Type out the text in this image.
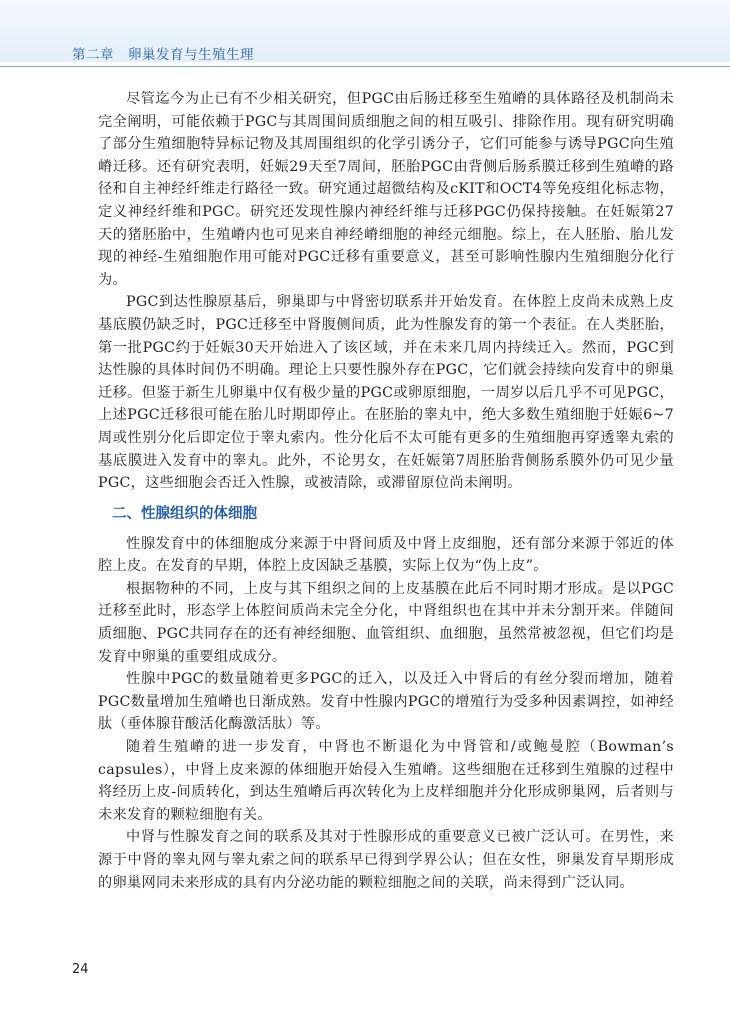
第二章　卵巢发育与生殖生理

尽管迄今为止已有不少相关研究，但PGC由后肠迁移至生殖嵴的具体路径及机制尚未完全阐明，可能依赖于PGC与其周围间质细胞之间的相互吸引、排除作用。现有研究明确了部分生殖细胞特异标记物及其周围组织的化学引诱分子，它们可能参与诱导PGC向生殖嵴迁移。还有研究表明，妊娠29天至7周间，胚胎PGC由背侧后肠系膜迁移到生殖嵴的路径和自主神经纤维走行路径一致。研究通过超微结构及cKIT和OCT4等免疫组化标志物，定义神经纤维和PGC。研究还发现性腺内神经纤维与迁移PGC仍保持接触。在妊娠第27天的猪胚胎中，生殖嵴内也可见来自神经嵴细胞的神经元细胞。综上，在人胚胎、胎儿发现的神经-生殖细胞作用可能对PGC迁移有重要意义，甚至可影响性腺内生殖细胞分化行为。

PGC到达性腺原基后，卵巢即与中肾密切联系并开始发育。在体腔上皮尚未成熟上皮基底膜仍缺乏时，PGC迁移至中肾腹侧间质，此为性腺发育的第一个表征。在人类胚胎，第一批PGC约于妊娠30天开始进入了该区域，并在未来几周内持续迁入。然而，PGC到达性腺的具体时间仍不明确。理论上只要性腺外存在PGC，它们就会持续向发育中的卵巢迁移。但鉴于新生儿卵巢中仅有极少量的PGC或卵原细胞，一周岁以后几乎不可见PGC，上述PGC迁移很可能在胎儿时期即停止。在胚胎的睾丸中，绝大多数生殖细胞于妊娠6~7周或性别分化后即定位于睾丸索内。性分化后不太可能有更多的生殖细胞再穿透睾丸索的基底膜进入发育中的睾丸。此外，不论男女，在妊娠第7周胚胎背侧肠系膜外仍可见少量PGC，这些细胞会否迁入性腺，或被清除，或滞留原位尚未阐明。

二、性腺组织的体细胞

性腺发育中的体细胞成分来源于中肾间质及中肾上皮细胞，还有部分来源于邻近的体腔上皮。在发育的早期，体腔上皮因缺乏基膜，实际上仅为“伪上皮”。

根据物种的不同，上皮与其下组织之间的上皮基膜在此后不同时期才形成。是以PGC迁移至此时，形态学上体腔间质尚未完全分化，中肾组织也在其中并未分割开来。伴随间质细胞、PGC共同存在的还有神经细胞、血管组织、血细胞，虽然常被忽视，但它们均是发育中卵巢的重要组成成分。

性腺中PGC的数量随着更多PGC的迁入，以及迁入中肾后的有丝分裂而增加，随着PGC数量增加生殖嵴也日渐成熟。发育中性腺内PGC的增殖行为受多种因素调控，如神经肽（垂体腺苷酸活化酶激活肽）等。

随着生殖嵴的进一步发育，中肾也不断退化为中肾管和/或鲍曼腔（Bowman’s capsules），中肾上皮来源的体细胞开始侵入生殖嵴。这些细胞在迁移到生殖腺的过程中将经历上皮-间质转化，到达生殖嵴后再次转化为上皮样细胞并分化形成卵巢网，后者则与未来发育的颗粒细胞有关。

中肾与性腺发育之间的联系及其对于性腺形成的重要意义已被广泛认可。在男性，来源于中肾的睾丸网与睾丸索之间的联系早已得到学界公认；但在女性，卵巢发育早期形成的卵巢网同未来形成的具有内分泌功能的颗粒细胞之间的关联，尚未得到广泛认同。

24
